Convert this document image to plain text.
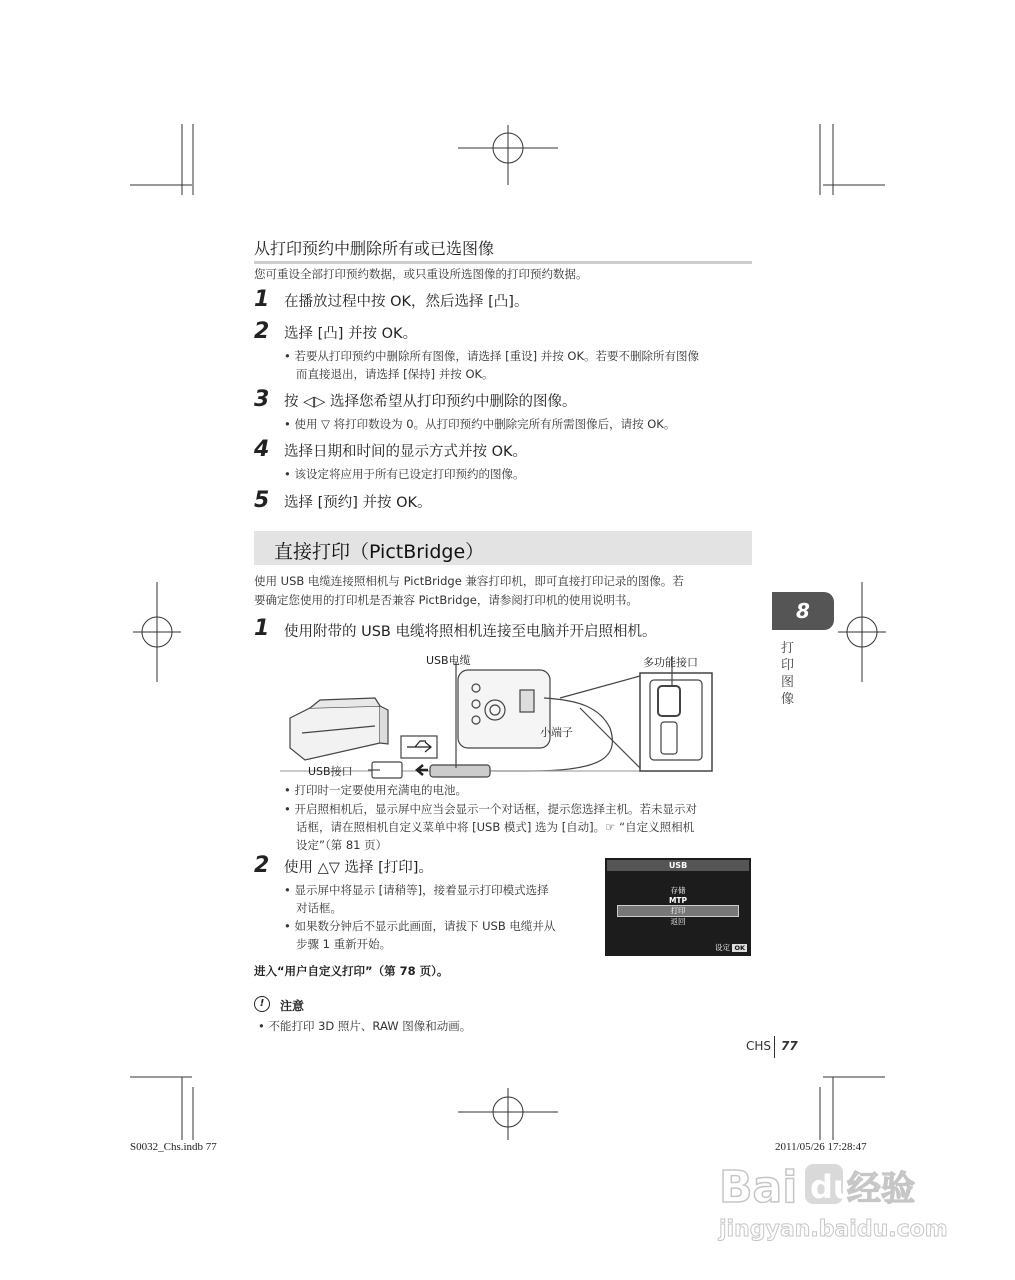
从打印预约中删除所有或已选图像
您可重设全部打印预约数据，或只重设所选图像的打印预约数据。
1 在播放过程中按 OK，然后选择 [凸]。
2 选择 [凸] 并按 OK。
• 若要从打印预约中删除所有图像，请选择 [重设] 并按 OK。若要不删除所有图像
而直接退出，请选择 [保持] 并按 OK。
3 按 ◁▷ 选择您希望从打印预约中删除的图像。
• 使用 ▽ 将打印数设为 0。从打印预约中删除完所有所需图像后，请按 OK。
4 选择日期和时间的显示方式并按 OK。
• 该设定将应用于所有已设定打印预约的图像。
5 选择 [预约] 并按 OK。
直接打印（PictBridge）
8
打印图像
使用 USB 电缆连接照相机与 PictBridge 兼容打印机，即可直接打印记录的图像。若
要确定您使用的打印机是否兼容 PictBridge，请参阅打印机的使用说明书。
1 使用附带的 USB 电缆将照相机连接至电脑并开启照相机。
USB电缆	多功能接口
小端子
USB接口
• 打印时一定要使用充满电的电池。
• 开启照相机后，显示屏中应当会显示一个对话框，提示您选择主机。若未显示对
话框，请在照相机自定义菜单中将 [USB 模式] 选为 [自动]。☞ “自定义照相机
设定”（第 81 页）
2 使用 △▽ 选择 [打印]。
• 显示屏中将显示 [请稍等]，接着显示打印模式选择
对话框。
• 如果数分钟后不显示此画面，请拔下 USB 电缆并从
步骤 1 重新开始。
USB
存储
MTP
打印
返回
设定 OK
进入“用户自定义打印”（第 78 页）。
!	注意
• 不能打印 3D 照片、RAW 图像和动画。
CHS 77
S0032_Chs.indb 77	2011/05/26 17:28:47
Bai du
经验
jingyan.baidu.com
